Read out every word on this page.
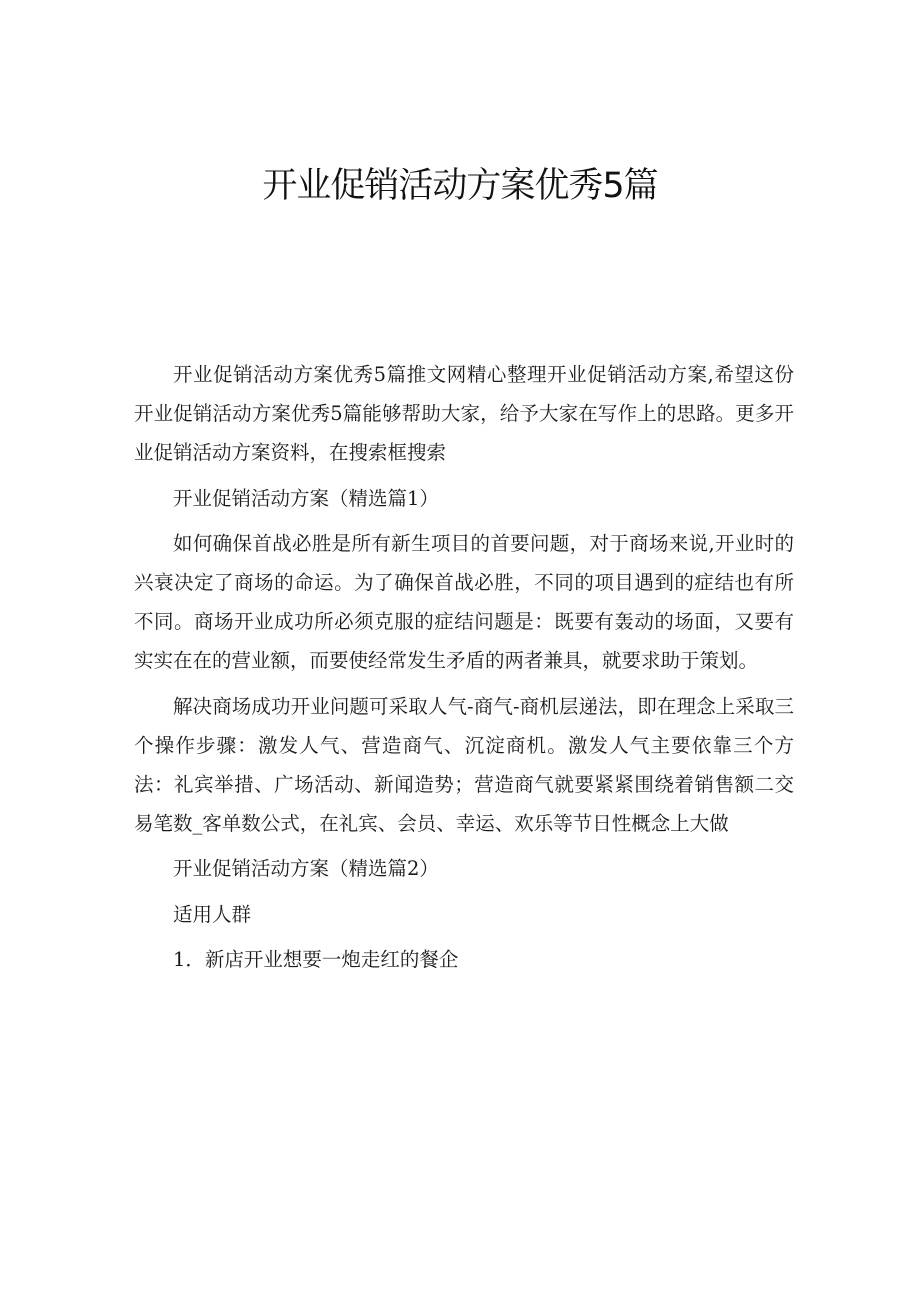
开业促销活动方案优秀5篇

开业促销活动方案优秀5篇推文网精心整理开业促销活动方案,希望这份开业促销活动方案优秀5篇能够帮助大家，给予大家在写作上的思路。更多开业促销活动方案资料，在搜索框搜索

开业促销活动方案（精选篇1）

如何确保首战必胜是所有新生项目的首要问题，对于商场来说,开业时的兴衰决定了商场的命运。为了确保首战必胜，不同的项目遇到的症结也有所不同。商场开业成功所必须克服的症结问题是：既要有轰动的场面，又要有实实在在的营业额，而要使经常发生矛盾的两者兼具，就要求助于策划。

解决商场成功开业问题可采取人气-商气-商机层递法，即在理念上采取三个操作步骤：激发人气、营造商气、沉淀商机。激发人气主要依靠三个方法：礼宾举措、广场活动、新闻造势；营造商气就要紧紧围绕着销售额二交易笔数_客单数公式，在礼宾、会员、幸运、欢乐等节日性概念上大做

开业促销活动方案（精选篇2）

适用人群

1．新店开业想要一炮走红的餐企
